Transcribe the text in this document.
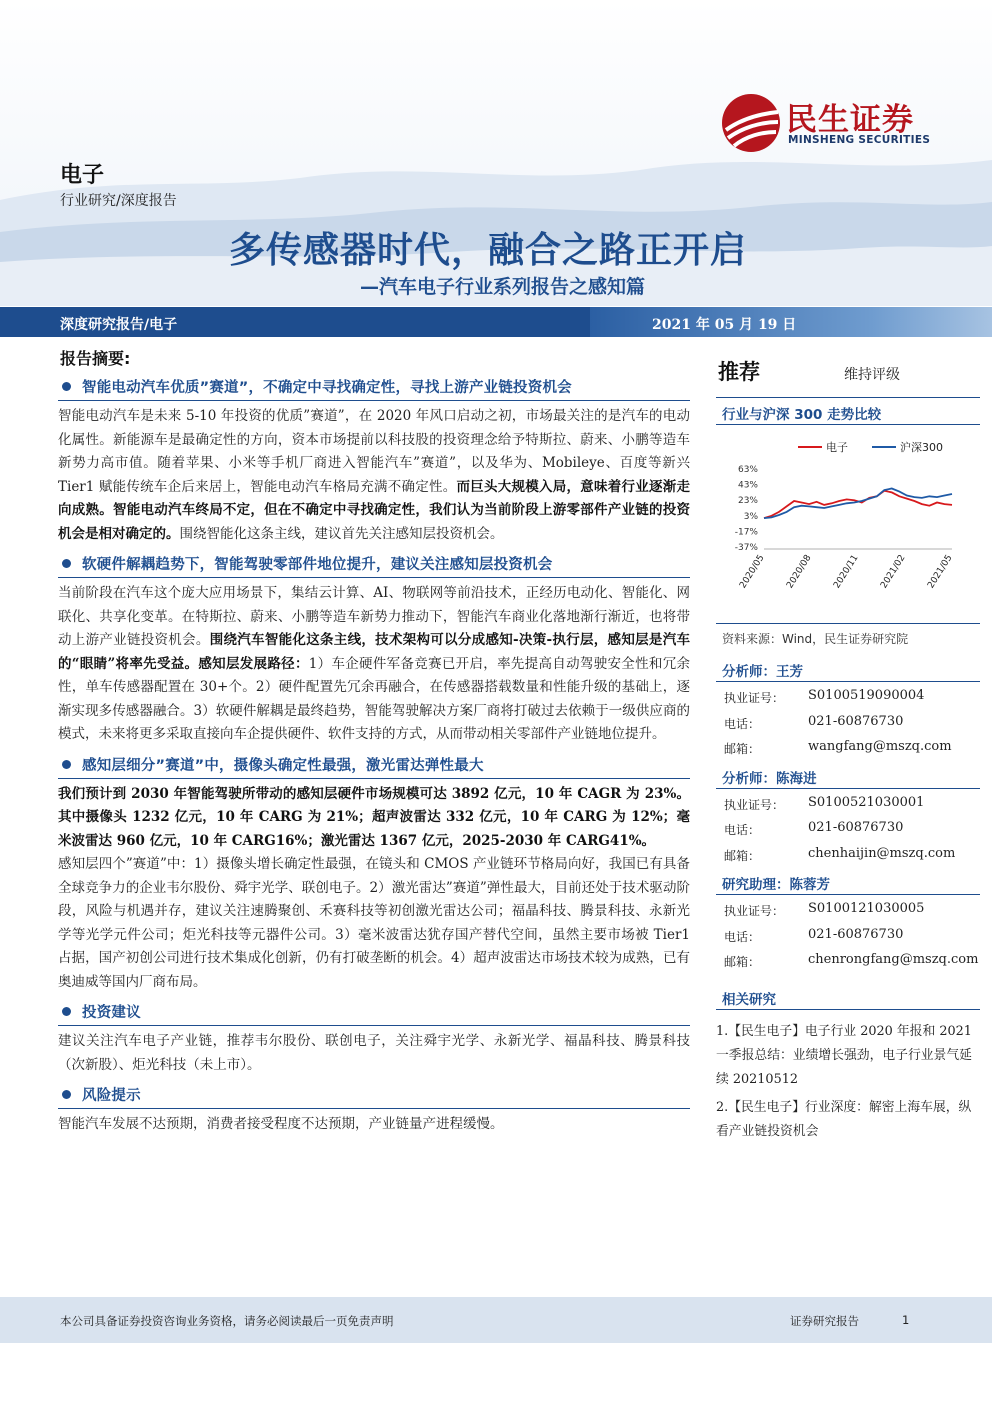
民生证券
MINSHENG SECURITIES
电子
行业研究/深度报告
多传感器时代，融合之路正开启
—汽车电子行业系列报告之感知篇
深度研究报告/电子	2021 年 05 月 19 日
报告摘要:
智能电动汽车优质”赛道”，不确定中寻找确定性，寻找上游产业链投资机会
智能电动汽车是未来 5-10 年投资的优质”赛道”，在 2020 年风口启动之初，市场最关注的是汽车的电动化属性。新能源车是最确定性的方向，资本市场提前以科技股的投资理念给予特斯拉、蔚来、小鹏等造车新势力高市值。随着苹果、小米等手机厂商进入智能汽车”赛道”，以及华为、Mobileye、百度等新兴 Tier1 赋能传统车企后来居上，智能电动汽车格局充满不确定性。而巨头大规模入局，意味着行业逐渐走向成熟。智能电动汽车终局不定，但在不确定中寻找确定性，我们认为当前阶段上游零部件产业链的投资机会是相对确定的。围绕智能化这条主线，建议首先关注感知层投资机会。
软硬件解耦趋势下，智能驾驶零部件地位提升，建议关注感知层投资机会
当前阶段在汽车这个庞大应用场景下，集结云计算、AI、物联网等前沿技术，正经历电动化、智能化、网联化、共享化变革。在特斯拉、蔚来、小鹏等造车新势力推动下，智能汽车商业化落地渐行渐近，也将带动上游产业链投资机会。围绕汽车智能化这条主线，技术架构可以分成感知-决策-执行层，感知层是汽车的“眼睛”将率先受益。感知层发展路径：1）车企硬件军备竞赛已开启，率先提高自动驾驶安全性和冗余性，单车传感器配置在 30+个。2）硬件配置先冗余再融合，在传感器搭载数量和性能升级的基础上，逐渐实现多传感器融合。3）软硬件解耦是最终趋势，智能驾驶解决方案厂商将打破过去依赖于一级供应商的模式，未来将更多采取直接向车企提供硬件、软件支持的方式，从而带动相关零部件产业链地位提升。
感知层细分”赛道”中，摄像头确定性最强，激光雷达弹性最大
我们预计到 2030 年智能驾驶所带动的感知层硬件市场规模可达 3892 亿元，10 年 CAGR 为 23%。其中摄像头 1232 亿元，10 年 CARG 为 21%；超声波雷达 332 亿元，10 年 CARG 为 12%；毫米波雷达 960 亿元，10 年 CARG16%；激光雷达 1367 亿元，2025-2030 年 CARG41%。
感知层四个”赛道”中：1）摄像头增长确定性最强，在镜头和 CMOS 产业链环节格局向好，我国已有具备全球竞争力的企业韦尔股份、舜宇光学、联创电子。2）激光雷达”赛道”弹性最大，目前还处于技术驱动阶段，风险与机遇并存，建议关注速腾聚创、禾赛科技等初创激光雷达公司；福晶科技、腾景科技、永新光学等光学元件公司；炬光科技等元器件公司。3）毫米波雷达犹存国产替代空间，虽然主要市场被 Tier1 占据，国产初创公司进行技术集成化创新，仍有打破垄断的机会。4）超声波雷达市场技术较为成熟，已有奥迪威等国内厂商布局。
投资建议
建议关注汽车电子产业链，推荐韦尔股份、联创电子，关注舜宇光学、永新光学、福晶科技、腾景科技（次新股）、炬光科技（未上市）。
风险提示
智能汽车发展不达预期，消费者接受程度不达预期，产业链量产进程缓慢。
推荐	维持评级
行业与沪深 300 走势比较
电子	沪深300
63%
43%
23%
3%
-17%
-37%
2020/05 2020/08 2020/11 2021/02 2021/05
资料来源：Wind，民生证券研究院
分析师：王芳
执业证号： S0100519090004
电话：	021-60876730
邮箱：	wangfang@mszq.com
分析师：陈海进
执业证号： S0100521030001
电话：	021-60876730
邮箱：	chenhaijin@mszq.com
研究助理：陈蓉芳
执业证号： S0100121030005
电话：	021-60876730
邮箱：	chenrongfang@mszq.com
相关研究
1.【民生电子】电子行业 2020 年报和 2021 一季报总结：业绩增长强劲，电子行业景气延续 20210512
2.【民生电子】行业深度：解密上海车展，纵看产业链投资机会
本公司具备证券投资咨询业务资格，请务必阅读最后一页免责声明	证券研究报告	1
